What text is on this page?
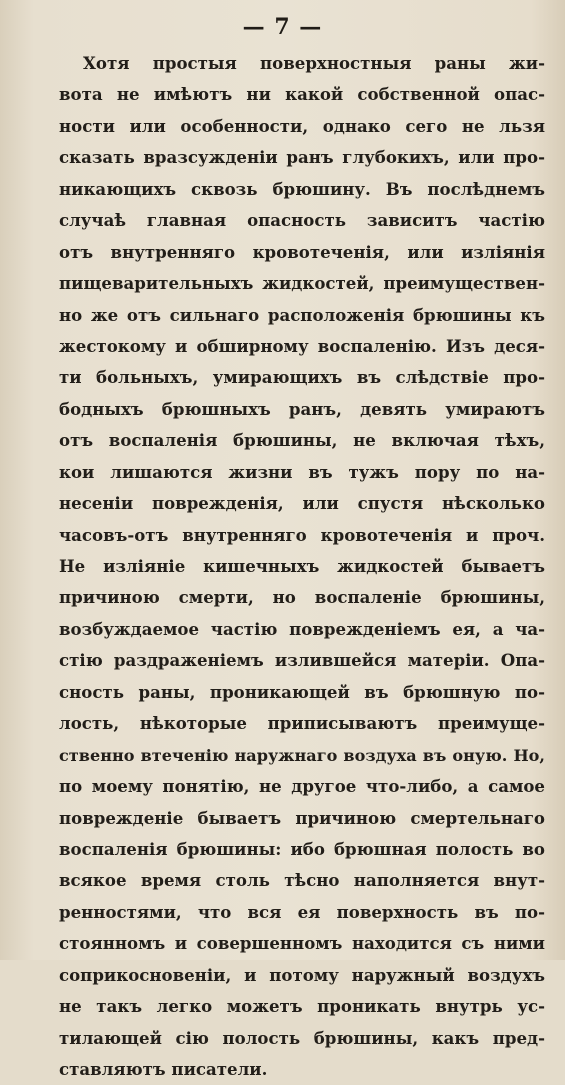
— 7 —
Хотя простыя поверхностныя раны жи-
вота не имѣютъ ни какой собственной опас-
ности или особенности, однако сего не льзя
сказать вразсужденіи ранъ глубокихъ, или про-
никающихъ сквозь брюшину. Въ послѣднемъ
случаѣ главная опасность зависитъ частію
отъ внутренняго кровотеченія, или изліянія
пищеварительныхъ жидкостей, преимуществен-
но же отъ сильнаго расположенія брюшины къ
жестокому и обширному воспаленію. Изъ деся-
ти больныхъ, умирающихъ въ слѣдствіе про-
бодныхъ брюшныхъ ранъ, девять умираютъ
отъ воспаленія брюшины, не включая тѣхъ,
кои лишаются жизни въ тужъ пору по на-
несеніи поврежденія, или спустя нѣсколько
часовъ-отъ внутренняго кровотеченія и проч.
Не изліяніе кишечныхъ жидкостей бываетъ
причиною смерти, но воспаленіе брюшины,
возбуждаемое частію поврежденіемъ ея, а ча-
стію раздраженіемъ излившейся матеріи. Опа-
сность раны, проникающей въ брюшную по-
лость, нѣкоторые приписываютъ преимуще-
ственно втеченію наружнаго воздуха въ оную. Но,
по моему понятію, не другое что-либо, а самое
поврежденіе бываетъ причиною смертельнаго
воспаленія брюшины: ибо брюшная полость во
всякое время столь тѣсно наполняется внут-
ренностями, что вся ея поверхность въ по-
стоянномъ и совершенномъ находится съ ними
соприкосновеніи, и потому наружный воздухъ
не такъ легко можетъ проникать внутрь ус-
тилающей сію полость брюшины, какъ пред-
ставляютъ писатели.
